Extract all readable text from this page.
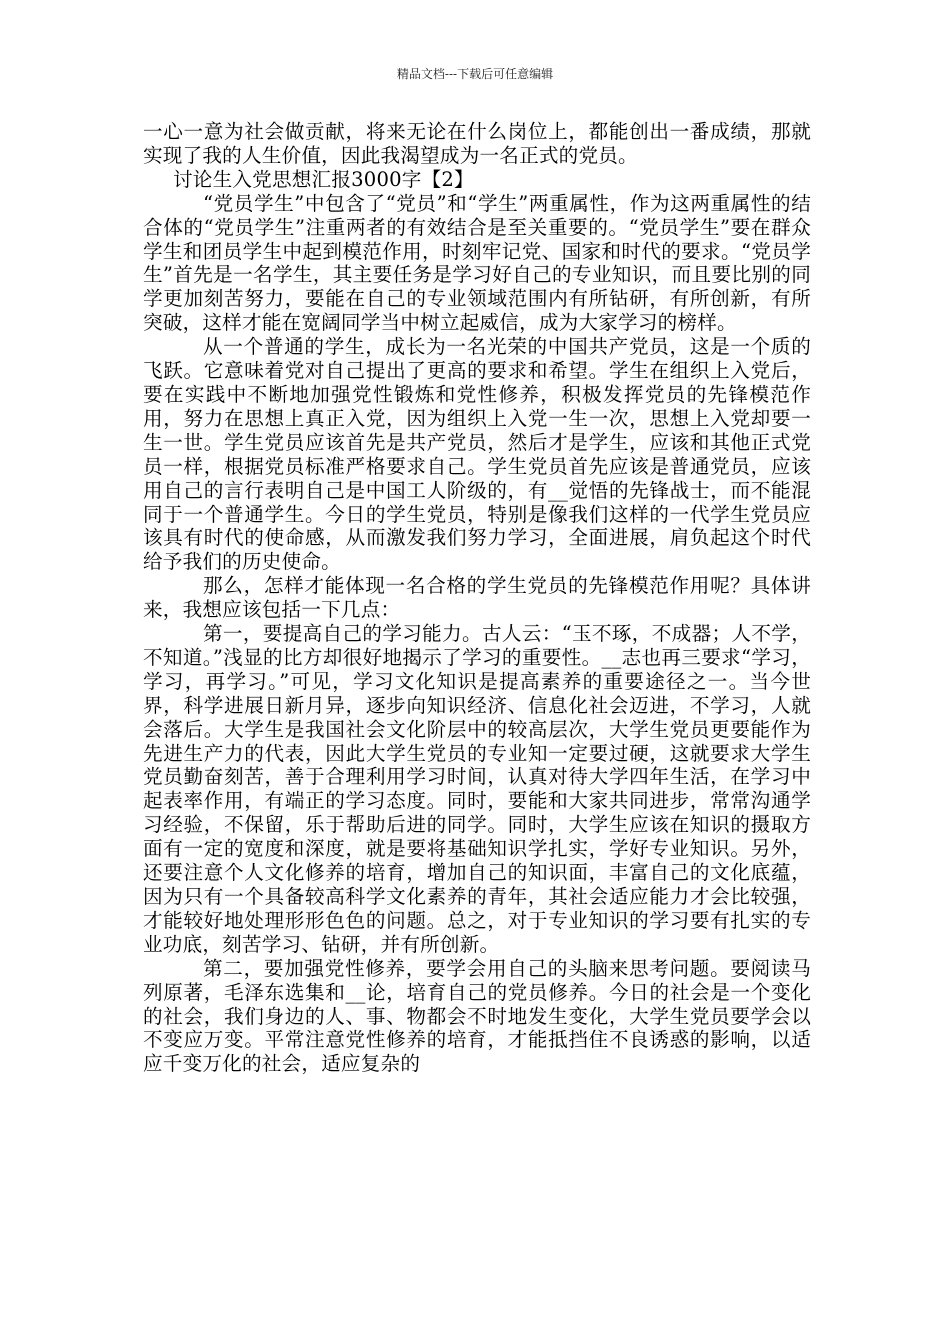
精品文档---下载后可任意编辑

一心一意为社会做贡献，将来无论在什么岗位上，都能创出一番成绩，那就实现了我的人生价值，因此我渴望成为一名正式的党员。

讨论生入党思想汇报3000字【2】

“党员学生”中包含了“党员”和“学生”两重属性，作为这两重属性的结合体的“党员学生”注重两者的有效结合是至关重要的。“党员学生”要在群众学生和团员学生中起到模范作用，时刻牢记党、国家和时代的要求。“党员学生”首先是一名学生，其主要任务是学习好自己的专业知识，而且要比别的同学更加刻苦努力，要能在自己的专业领域范围内有所钻研，有所创新，有所突破，这样才能在宽阔同学当中树立起威信，成为大家学习的榜样。

从一个普通的学生，成长为一名光荣的中国共产党员，这是一个质的飞跃。它意味着党对自己提出了更高的要求和希望。学生在组织上入党后，要在实践中不断地加强党性锻炼和党性修养，积极发挥党员的先锋模范作用，努力在思想上真正入党，因为组织上入党一生一次，思想上入党却要一生一世。学生党员应该首先是共产党员，然后才是学生，应该和其他正式党员一样，根据党员标准严格要求自己。学生党员首先应该是普通党员，应该用自己的言行表明自己是中国工人阶级的，有__觉悟的先锋战士，而不能混同于一个普通学生。今日的学生党员，特别是像我们这样的一代学生党员应该具有时代的使命感，从而激发我们努力学习，全面进展，肩负起这个时代给予我们的历史使命。

那么，怎样才能体现一名合格的学生党员的先锋模范作用呢？具体讲来，我想应该包括一下几点：

第一，要提高自己的学习能力。古人云：“玉不琢，不成器；人不学，不知道。”浅显的比方却很好地揭示了学习的重要性。__志也再三要求“学习，学习，再学习。”可见，学习文化知识是提高素养的重要途径之一。当今世界，科学进展日新月异，逐步向知识经济、信息化社会迈进，不学习，人就会落后。大学生是我国社会文化阶层中的较高层次，大学生党员更要能作为先进生产力的代表，因此大学生党员的专业知一定要过硬，这就要求大学生党员勤奋刻苦，善于合理利用学习时间，认真对待大学四年生活，在学习中起表率作用，有端正的学习态度。同时，要能和大家共同进步，常常沟通学习经验，不保留，乐于帮助后进的同学。同时，大学生应该在知识的摄取方面有一定的宽度和深度，就是要将基础知识学扎实，学好专业知识。另外，还要注意个人文化修养的培育，增加自己的知识面，丰富自己的文化底蕴，因为只有一个具备较高科学文化素养的青年，其社会适应能力才会比较强，才能较好地处理形形色色的问题。总之，对于专业知识的学习要有扎实的专业功底，刻苦学习、钻研，并有所创新。

第二，要加强党性修养，要学会用自己的头脑来思考问题。要阅读马列原著，毛泽东选集和__论，培育自己的党员修养。今日的社会是一个变化的社会，我们身边的人、事、物都会不时地发生变化，大学生党员要学会以不变应万变。平常注意党性修养的培育，才能抵挡住不良诱惑的影响，以适应千变万化的社会，适应复杂的
